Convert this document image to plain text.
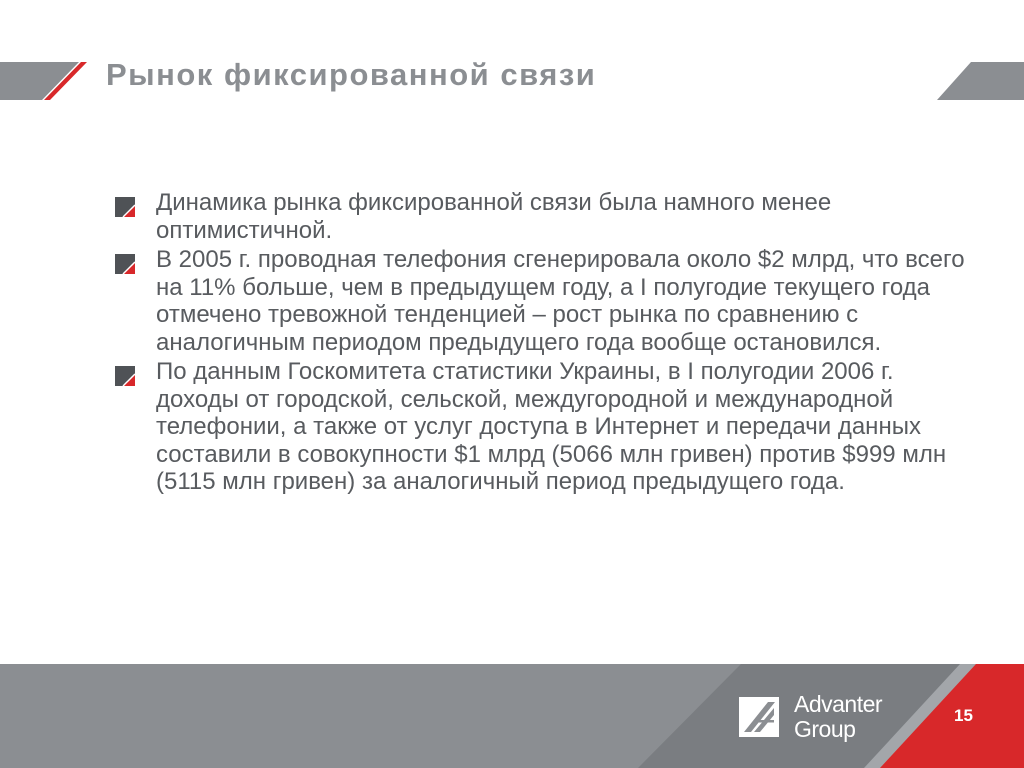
Рынок фиксированной связи
Динамика рынка фиксированной связи была намного менее оптимистичной.
В 2005 г. проводная телефония сгенерировала около $2 млрд, что всего на 11% больше, чем в предыдущем году, а I полугодие текущего года отмечено тревожной тенденцией – рост рынка по сравнению с аналогичным периодом предыдущего года вообще остановился.
По данным Госкомитета статистики Украины, в I полугодии 2006 г. доходы от городской, сельской, междугородной и международной телефонии, а также от услуг доступа в Интернет и передачи данных составили в совокупности $1 млрд (5066 млн гривен) против $999 млн (5115 млн гривен) за аналогичный период предыдущего года.
Advanter
Group
15
